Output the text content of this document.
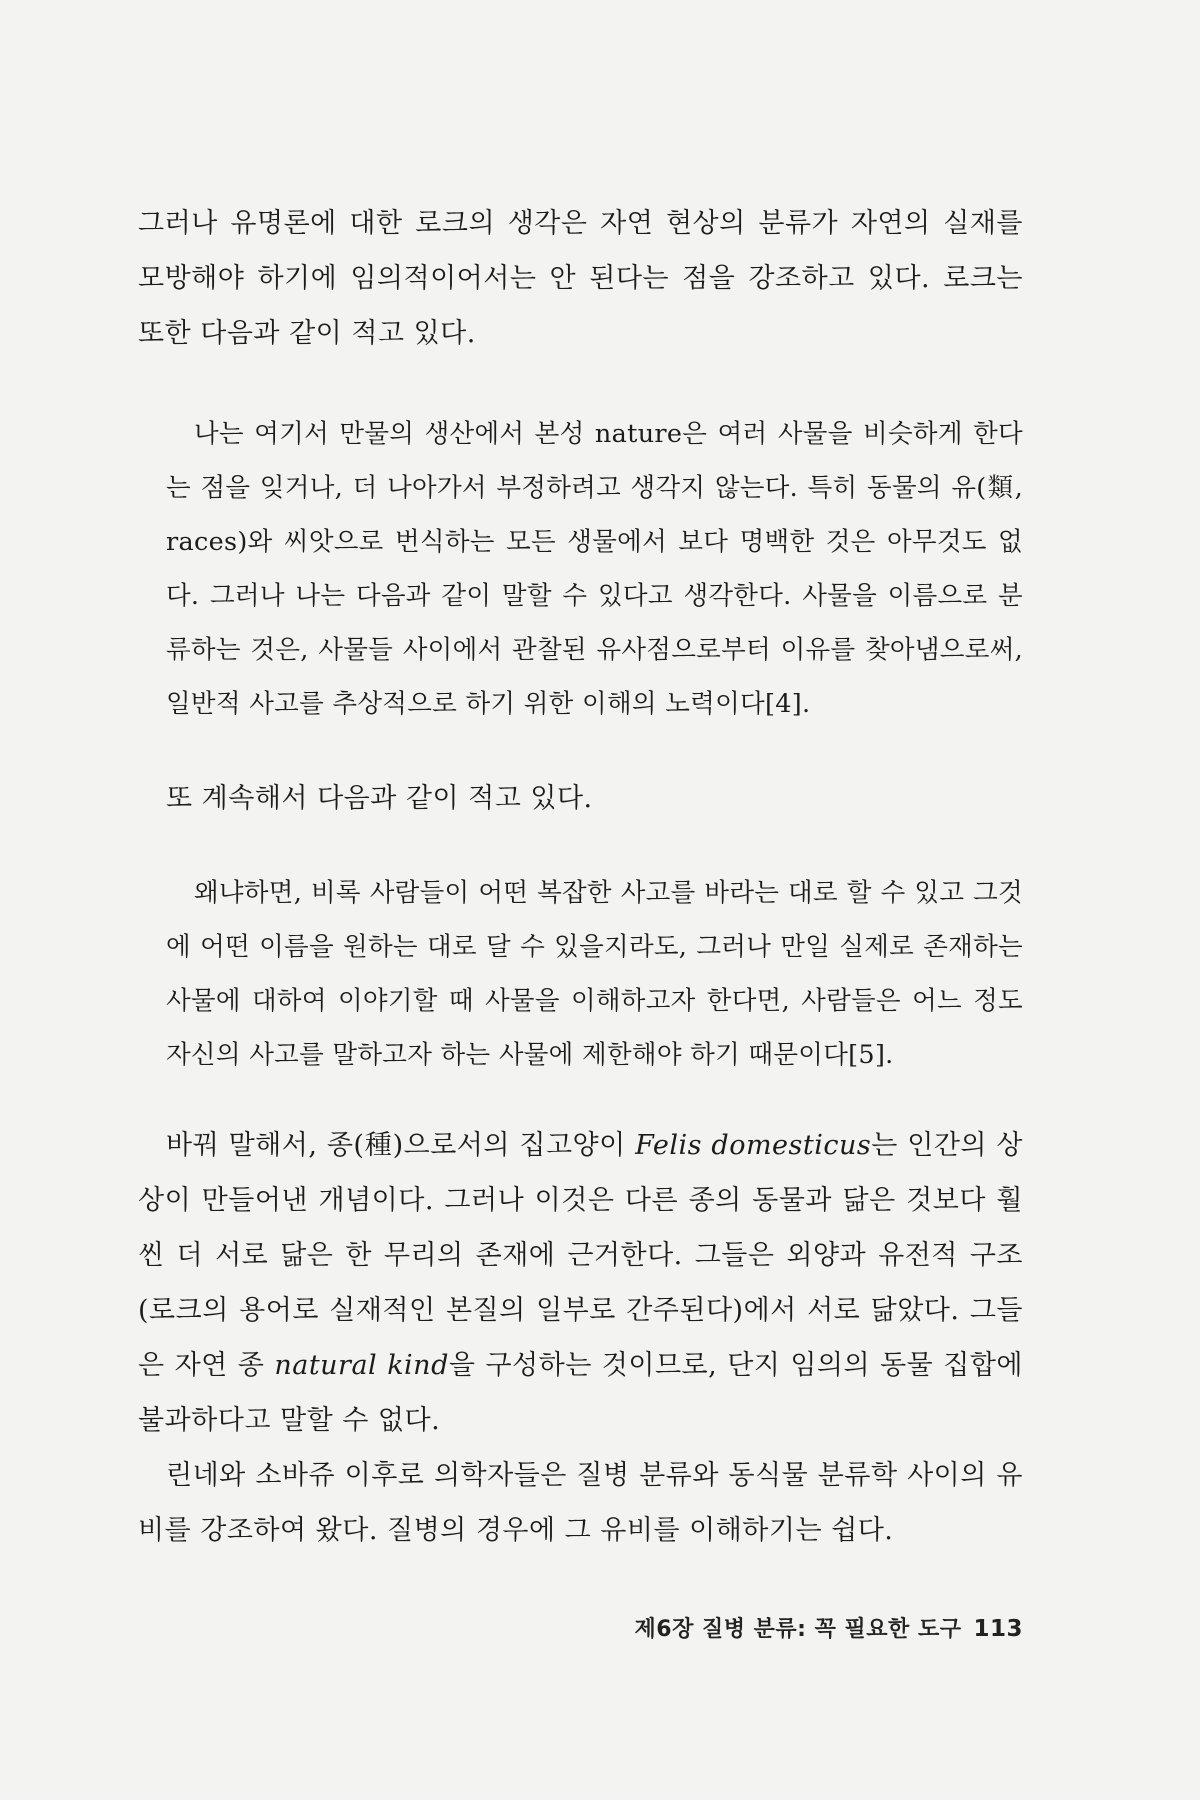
그러나 유명론에 대한 로크의 생각은 자연 현상의 분류가 자연의 실재를 모방해야 하기에 임의적이어서는 안 된다는 점을 강조하고 있다. 로크는 또한 다음과 같이 적고 있다.

나는 여기서 만물의 생산에서 본성 nature은 여러 사물을 비슷하게 한다는 점을 잊거나, 더 나아가서 부정하려고 생각지 않는다. 특히 동물의 유(類, races)와 씨앗으로 번식하는 모든 생물에서 보다 명백한 것은 아무것도 없다. 그러나 나는 다음과 같이 말할 수 있다고 생각한다. 사물을 이름으로 분류하는 것은, 사물들 사이에서 관찰된 유사점으로부터 이유를 찾아냄으로써, 일반적 사고를 추상적으로 하기 위한 이해의 노력이다[4].

또 계속해서 다음과 같이 적고 있다.

왜냐하면, 비록 사람들이 어떤 복잡한 사고를 바라는 대로 할 수 있고 그것에 어떤 이름을 원하는 대로 달 수 있을지라도, 그러나 만일 실제로 존재하는 사물에 대하여 이야기할 때 사물을 이해하고자 한다면, 사람들은 어느 정도 자신의 사고를 말하고자 하는 사물에 제한해야 하기 때문이다[5].

바꿔 말해서, 종(種)으로서의 집고양이 Felis domesticus는 인간의 상상이 만들어낸 개념이다. 그러나 이것은 다른 종의 동물과 닮은 것보다 훨씬 더 서로 닮은 한 무리의 존재에 근거한다. 그들은 외양과 유전적 구조(로크의 용어로 실재적인 본질의 일부로 간주된다)에서 서로 닮았다. 그들은 자연 종 natural kind을 구성하는 것이므로, 단지 임의의 동물 집합에 불과하다고 말할 수 없다.

린네와 소바쥬 이후로 의학자들은 질병 분류와 동식물 분류학 사이의 유비를 강조하여 왔다. 질병의 경우에 그 유비를 이해하기는 쉽다.

제6장 질병 분류: 꼭 필요한 도구 113
